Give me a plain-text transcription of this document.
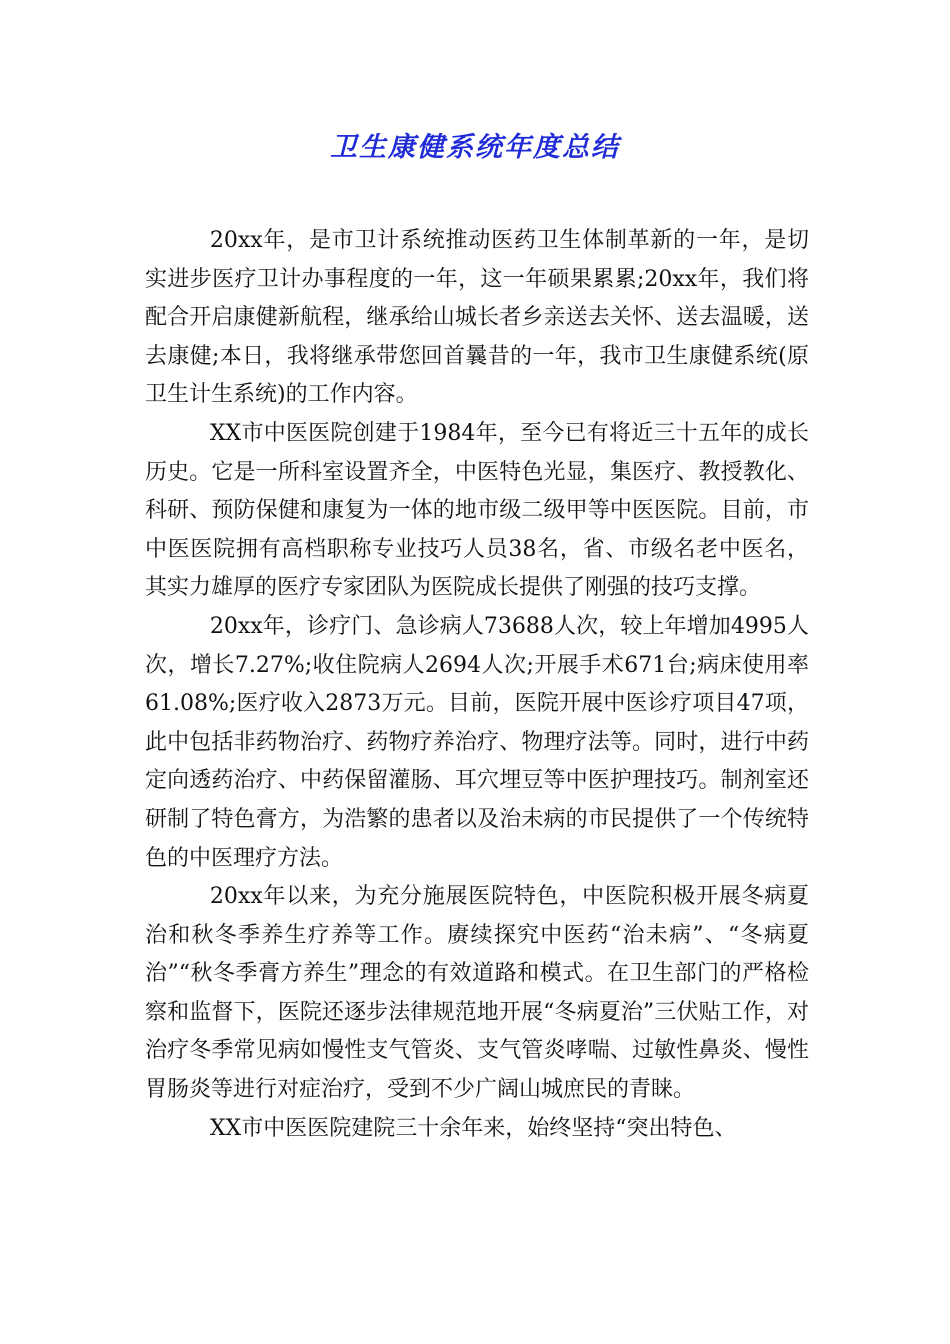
卫生康健系统年度总结

20xx年，是市卫计系统推动医药卫生体制革新的一年，是切实进步医疗卫计办事程度的一年，这一年硕果累累;20xx年，我们将配合开启康健新航程，继承给山城长者乡亲送去关怀、送去温暖，送去康健;本日，我将继承带您回首曩昔的一年，我市卫生康健系统(原卫生计生系统)的工作内容。

XX市中医医院创建于1984年，至今已有将近三十五年的成长历史。它是一所科室设置齐全，中医特色光显，集医疗、教授教化、科研、预防保健和康复为一体的地市级二级甲等中医医院。目前，市中医医院拥有高档职称专业技巧人员38名，省、市级名老中医名，其实力雄厚的医疗专家团队为医院成长提供了刚强的技巧支撑。

20xx年，诊疗门、急诊病人73688人次，较上年增加4995人次，增长7.27%;收住院病人2694人次;开展手术671台;病床使用率61.08%;医疗收入2873万元。目前，医院开展中医诊疗项目47项，此中包括非药物治疗、药物疗养治疗、物理疗法等。同时，进行中药定向透药治疗、中药保留灌肠、耳穴埋豆等中医护理技巧。制剂室还研制了特色膏方，为浩繁的患者以及治未病的市民提供了一个传统特色的中医理疗方法。

20xx年以来，为充分施展医院特色，中医院积极开展冬病夏治和秋冬季养生疗养等工作。赓续探究中医药“治未病”、“冬病夏治”“秋冬季膏方养生”理念的有效道路和模式。在卫生部门的严格检察和监督下，医院还逐步法律规范地开展“冬病夏治”三伏贴工作，对治疗冬季常见病如慢性支气管炎、支气管炎哮喘、过敏性鼻炎、慢性胃肠炎等进行对症治疗，受到不少广阔山城庶民的青睐。

XX市中医医院建院三十余年来，始终坚持“突出特色、
